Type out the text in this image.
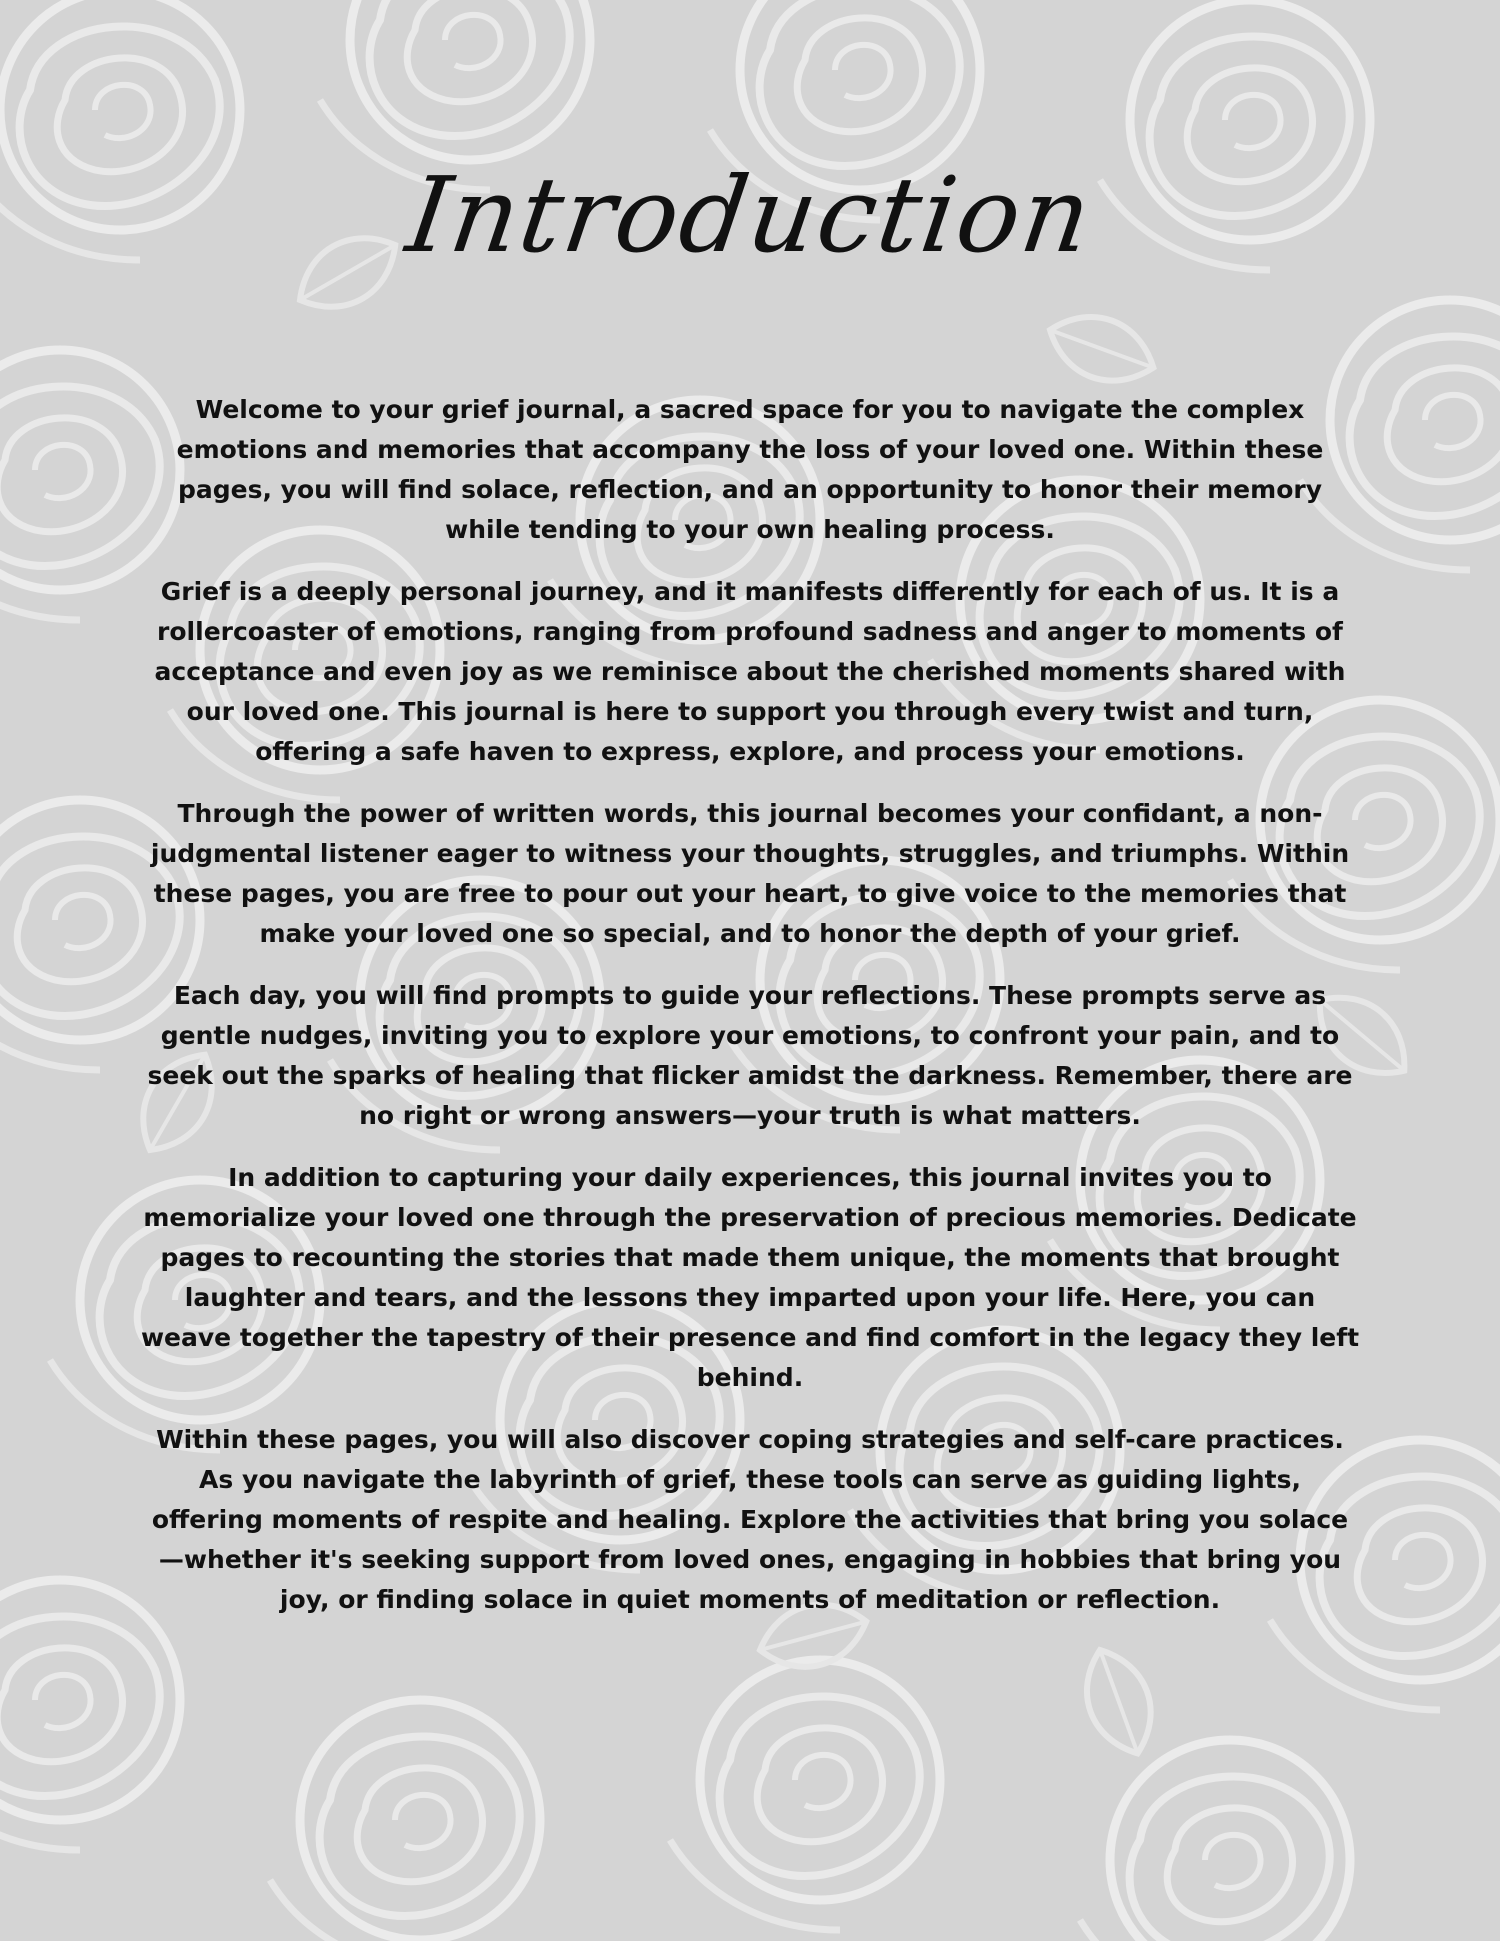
Introduction

Welcome to your grief journal, a sacred space for you to navigate the complex emotions and memories that accompany the loss of your loved one. Within these pages, you will find solace, reflection, and an opportunity to honor their memory while tending to your own healing process.

Grief is a deeply personal journey, and it manifests differently for each of us. It is a rollercoaster of emotions, ranging from profound sadness and anger to moments of acceptance and even joy as we reminisce about the cherished moments shared with our loved one. This journal is here to support you through every twist and turn, offering a safe haven to express, explore, and process your emotions.

Through the power of written words, this journal becomes your confidant, a non-judgmental listener eager to witness your thoughts, struggles, and triumphs. Within these pages, you are free to pour out your heart, to give voice to the memories that make your loved one so special, and to honor the depth of your grief.

Each day, you will find prompts to guide your reflections. These prompts serve as gentle nudges, inviting you to explore your emotions, to confront your pain, and to seek out the sparks of healing that flicker amidst the darkness. Remember, there are no right or wrong answers—your truth is what matters.

In addition to capturing your daily experiences, this journal invites you to memorialize your loved one through the preservation of precious memories. Dedicate pages to recounting the stories that made them unique, the moments that brought laughter and tears, and the lessons they imparted upon your life. Here, you can weave together the tapestry of their presence and find comfort in the legacy they left behind.

Within these pages, you will also discover coping strategies and self-care practices. As you navigate the labyrinth of grief, these tools can serve as guiding lights, offering moments of respite and healing. Explore the activities that bring you solace—whether it's seeking support from loved ones, engaging in hobbies that bring you joy, or finding solace in quiet moments of meditation or reflection.
